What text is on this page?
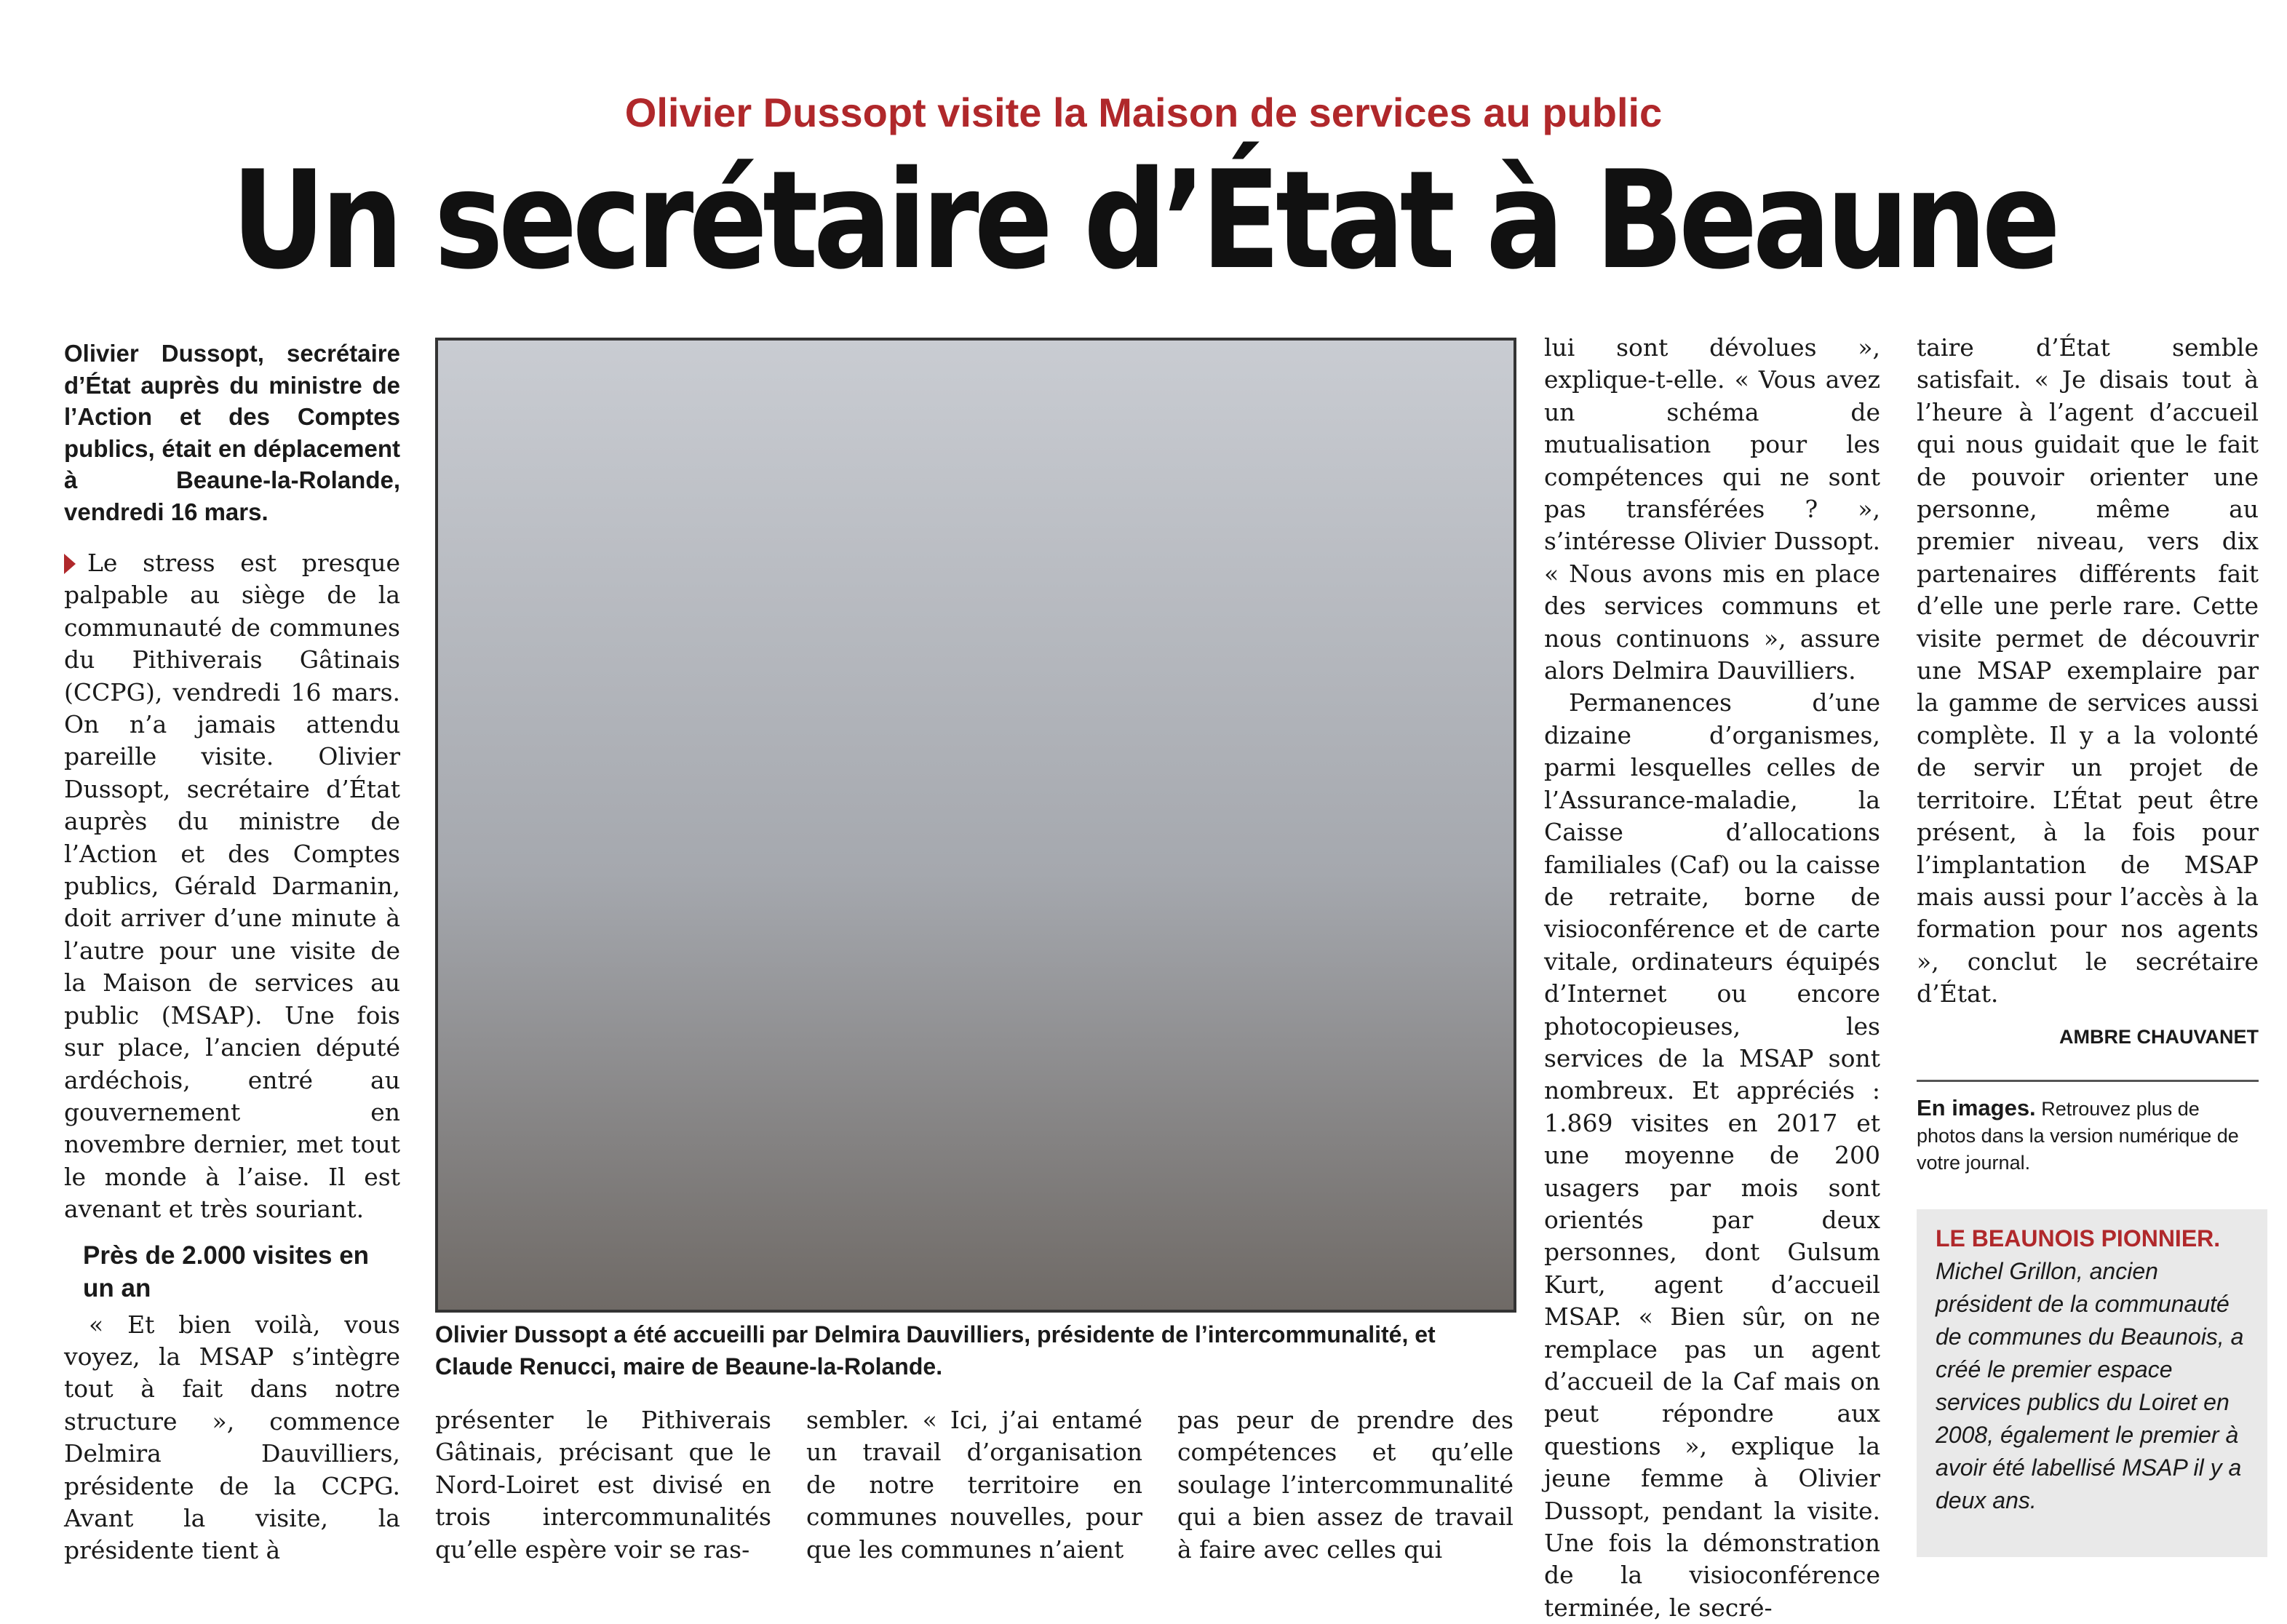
Olivier Dussopt visite la Maison de services au public
Un secrétaire d’État à Beaune
Olivier Dussopt, secrétaire d’État auprès du ministre de l’Action et des Comptes publics, était en déplacement à Beaune-la-Rolande, vendredi 16 mars.

Le stress est presque palpable au siège de la communauté de communes du Pithiverais Gâtinais (CCPG), vendredi 16 mars. On n’a jamais attendu pareille visite. Olivier Dussopt, secrétaire d’État auprès du ministre de l’Action et des Comptes publics, Gérald Darmanin, doit arriver d’une minute à l’autre pour une visite de la Maison de services au public (MSAP). Une fois sur place, l’ancien député ardéchois, entré au gouvernement en novembre dernier, met tout le monde à l’aise. Il est avenant et très souriant.

Près de 2.000 visites en un an

« Et bien voilà, vous voyez, la MSAP s’intègre tout à fait dans notre structure », commence Delmira Dauvilliers, présidente de la CCPG. Avant la visite, la présidente tient à

Olivier Dussopt a été accueilli par Delmira Dauvilliers, présidente de l’intercommunalité, et Claude Renucci, maire de Beaune-la-Rolande.

présenter le Pithiverais Gâtinais, précisant que le Nord-Loiret est divisé en trois intercommunalités qu’elle espère voir se ras-

sembler. « Ici, j’ai entamé un travail d’organisation de notre territoire en communes nouvelles, pour que les communes n’aient

pas peur de prendre des compétences et qu’elle soulage l’intercommunalité qui a bien assez de travail à faire avec celles qui

lui sont dévolues », explique-t-elle. « Vous avez un schéma de mutualisation pour les compétences qui ne sont pas transférées ? », s’intéresse Olivier Dussopt. « Nous avons mis en place des services communs et nous continuons », assure alors Delmira Dauvilliers.

Permanences d’une dizaine d’organismes, parmi lesquelles celles de l’Assurance-maladie, la Caisse d’allocations familiales (Caf) ou la caisse de retraite, borne de visioconférence et de carte vitale, ordinateurs équipés d’Internet ou encore photocopieuses, les services de la MSAP sont nombreux. Et appréciés : 1.869 visites en 2017 et une moyenne de 200 usagers par mois sont orientés par deux personnes, dont Gulsum Kurt, agent d’accueil MSAP. « Bien sûr, on ne remplace pas un agent d’accueil de la Caf mais on peut répondre aux questions », explique la jeune femme à Olivier Dussopt, pendant la visite. Une fois la démonstration de la visioconférence terminée, le secré-

taire d’État semble satisfait. « Je disais tout à l’heure à l’agent d’accueil qui nous guidait que le fait de pouvoir orienter une personne, même au premier niveau, vers dix partenaires différents fait d’elle une perle rare. Cette visite permet de découvrir une MSAP exemplaire par la gamme de services aussi complète. Il y a la volonté de servir un projet de territoire. L’État peut être présent, à la fois pour l’implantation de MSAP mais aussi pour l’accès à la formation pour nos agents », conclut le secrétaire d’État.

AMBRE CHAUVANET

En images. Retrouvez plus de photos dans la version numérique de votre journal.
LE BEAUNOIS PIONNIER.
Michel Grillon, ancien président de la communauté de communes du Beaunois, a créé le premier espace services publics du Loiret en 2008, également le premier à avoir été labellisé MSAP il y a deux ans.
